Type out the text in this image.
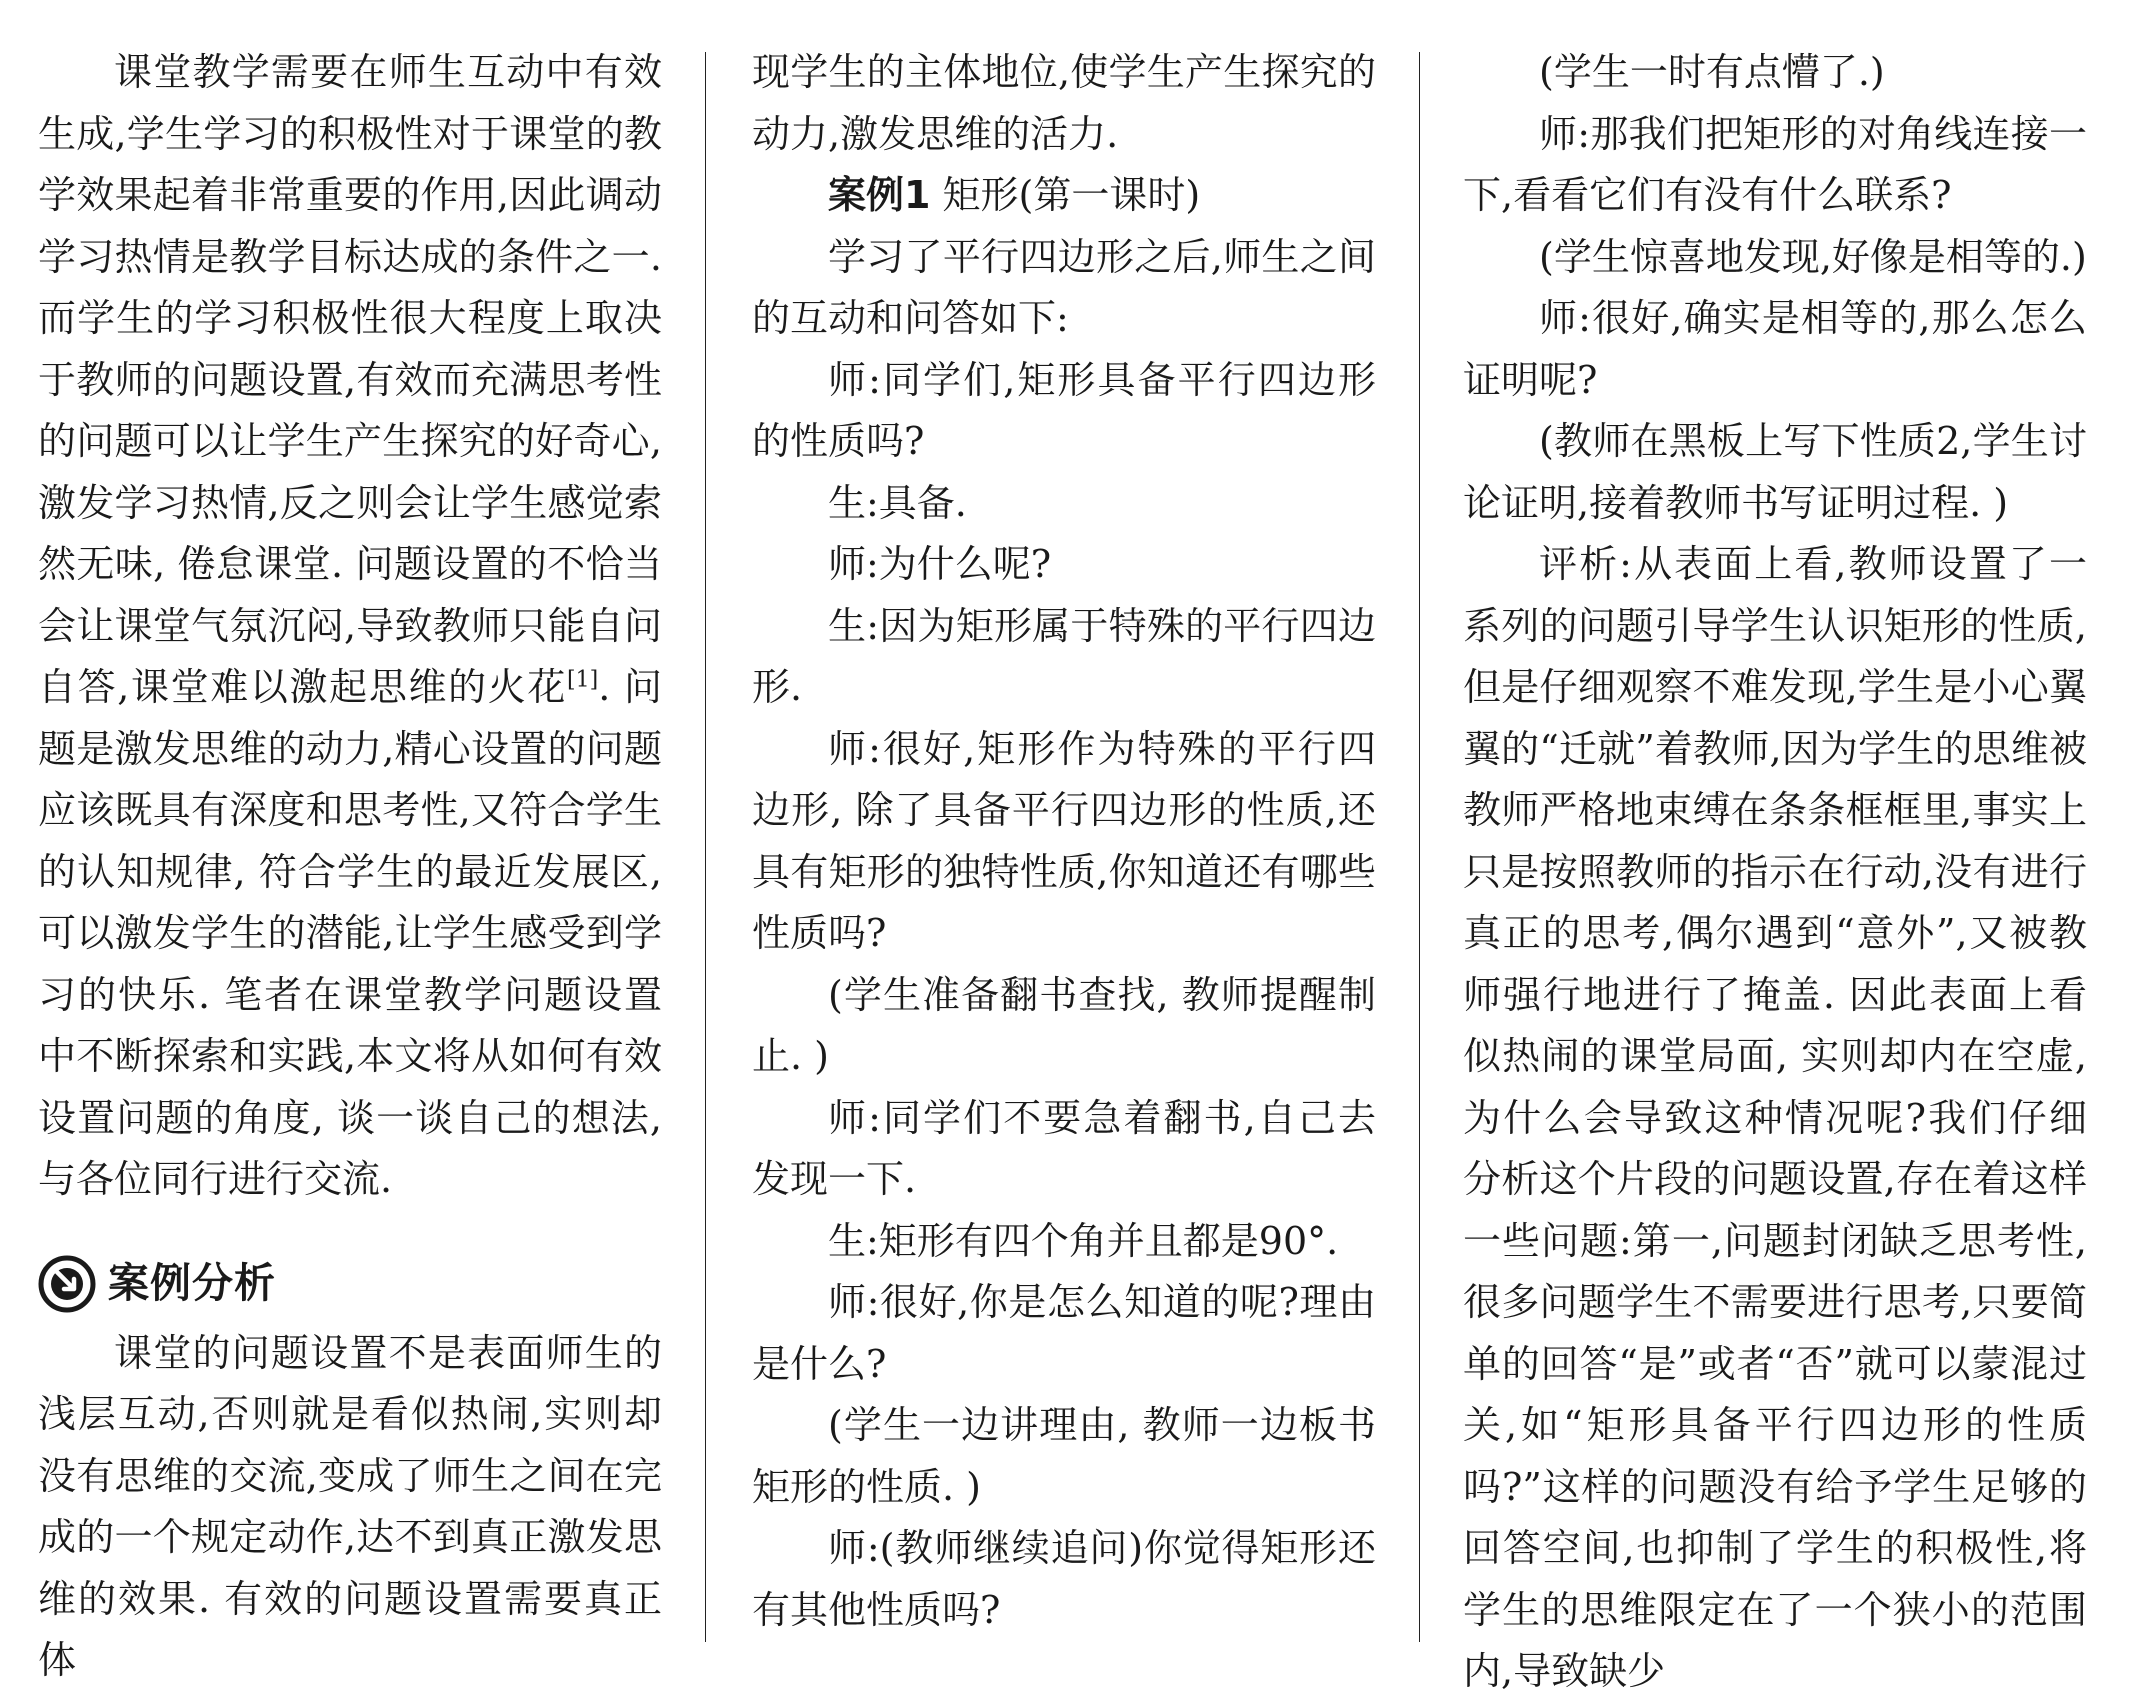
课堂教学需要在师生互动中有效生成,学生学习的积极性对于课堂的教学效果起着非常重要的作用,因此调动学习热情是教学目标达成的条件之一.而学生的学习积极性很大程度上取决于教师的问题设置,有效而充满思考性的问题可以让学生产生探究的好奇心,激发学习热情,反之则会让学生感觉索然无味, 倦怠课堂. 问题设置的不恰当会让课堂气氛沉闷,导致教师只能自问自答,课堂难以激起思维的火花[1]. 问题是激发思维的动力,精心设置的问题应该既具有深度和思考性,又符合学生的认知规律, 符合学生的最近发展区,可以激发学生的潜能,让学生感受到学习的快乐. 笔者在课堂教学问题设置中不断探索和实践,本文将从如何有效设置问题的角度, 谈一谈自己的想法,与各位同行进行交流.

案例分析

课堂的问题设置不是表面师生的浅层互动,否则就是看似热闹,实则却没有思维的交流,变成了师生之间在完成的一个规定动作,达不到真正激发思维的效果. 有效的问题设置需要真正体

现学生的主体地位,使学生产生探究的动力,激发思维的活力.

案例1 矩形(第一课时)

学习了平行四边形之后,师生之间的互动和问答如下:

师:同学们,矩形具备平行四边形的性质吗?

生:具备.

师:为什么呢?

生:因为矩形属于特殊的平行四边形.

师:很好,矩形作为特殊的平行四边形, 除了具备平行四边形的性质,还具有矩形的独特性质,你知道还有哪些性质吗?

(学生准备翻书查找, 教师提醒制止. )

师:同学们不要急着翻书,自己去发现一下.

生:矩形有四个角并且都是90°.

师:很好,你是怎么知道的呢?理由是什么?

(学生一边讲理由, 教师一边板书矩形的性质. )

师:(教师继续追问)你觉得矩形还有其他性质吗?

(学生一时有点懵了.)

师:那我们把矩形的对角线连接一下,看看它们有没有什么联系?

(学生惊喜地发现,好像是相等的.)

师:很好,确实是相等的,那么怎么证明呢?

(教师在黑板上写下性质2,学生讨论证明,接着教师书写证明过程. )

评析:从表面上看,教师设置了一系列的问题引导学生认识矩形的性质,但是仔细观察不难发现,学生是小心翼翼的“迁就”着教师,因为学生的思维被教师严格地束缚在条条框框里,事实上只是按照教师的指示在行动,没有进行真正的思考,偶尔遇到“意外”,又被教师强行地进行了掩盖. 因此表面上看似热闹的课堂局面, 实则却内在空虚,为什么会导致这种情况呢?我们仔细分析这个片段的问题设置,存在着这样一些问题:第一,问题封闭缺乏思考性,很多问题学生不需要进行思考,只要简单的回答“是”或者“否”就可以蒙混过关,如“矩形具备平行四边形的性质吗?”这样的问题没有给予学生足够的回答空间,也抑制了学生的积极性,将学生的思维限定在了一个狭小的范围内,导致缺少
